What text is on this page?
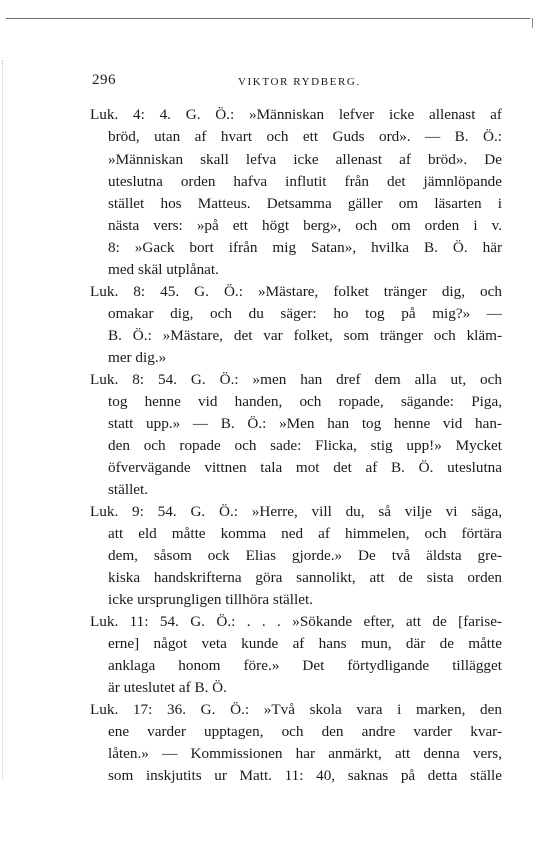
296	VIKTOR RYDBERG.
Luk. 4: 4. G. Ö.: »Människan lefver icke allenast af
bröd, utan af hvart och ett Guds ord». — B. Ö.:
»Människan skall lefva icke allenast af bröd». De
uteslutna orden hafva influtit från det jämnlöpande
stället hos Matteus. Detsamma gäller om läsarten i
nästa vers: »på ett högt berg», och om orden i v.
8: »Gack bort ifrån mig Satan», hvilka B. Ö. här
med skäl utplånat.
Luk. 8: 45. G. Ö.: »Mästare, folket tränger dig, och
omakar dig, och du säger: ho tog på mig?» —
B. Ö.: »Mästare, det var folket, som tränger och kläm-
mer dig.»
Luk. 8: 54. G. Ö.: »men han dref dem alla ut, och
tog henne vid handen, och ropade, sägande: Piga,
statt upp.» — B. Ö.: »Men han tog henne vid han-
den och ropade och sade: Flicka, stig upp!» Mycket
öfvervägande vittnen tala mot det af B. Ö. uteslutna
stället.
Luk. 9: 54. G. Ö.: »Herre, vill du, så vilje vi säga,
att eld måtte komma ned af himmelen, och förtära
dem, såsom ock Elias gjorde.» De två äldsta gre-
kiska handskrifterna göra sannolikt, att de sista orden
icke ursprungligen tillhöra stället.
Luk. 11: 54. G. Ö.: . . . »Sökande efter, att de [farise-
erne] något veta kunde af hans mun, där de måtte
anklaga honom före.» Det förtydligande tillägget
är uteslutet af B. Ö.
Luk. 17: 36. G. Ö.: »Två skola vara i marken, den
ene varder upptagen, och den andre varder kvar-
låten.» — Kommissionen har anmärkt, att denna vers,
som inskjutits ur Matt. 11: 40, saknas på detta ställe
